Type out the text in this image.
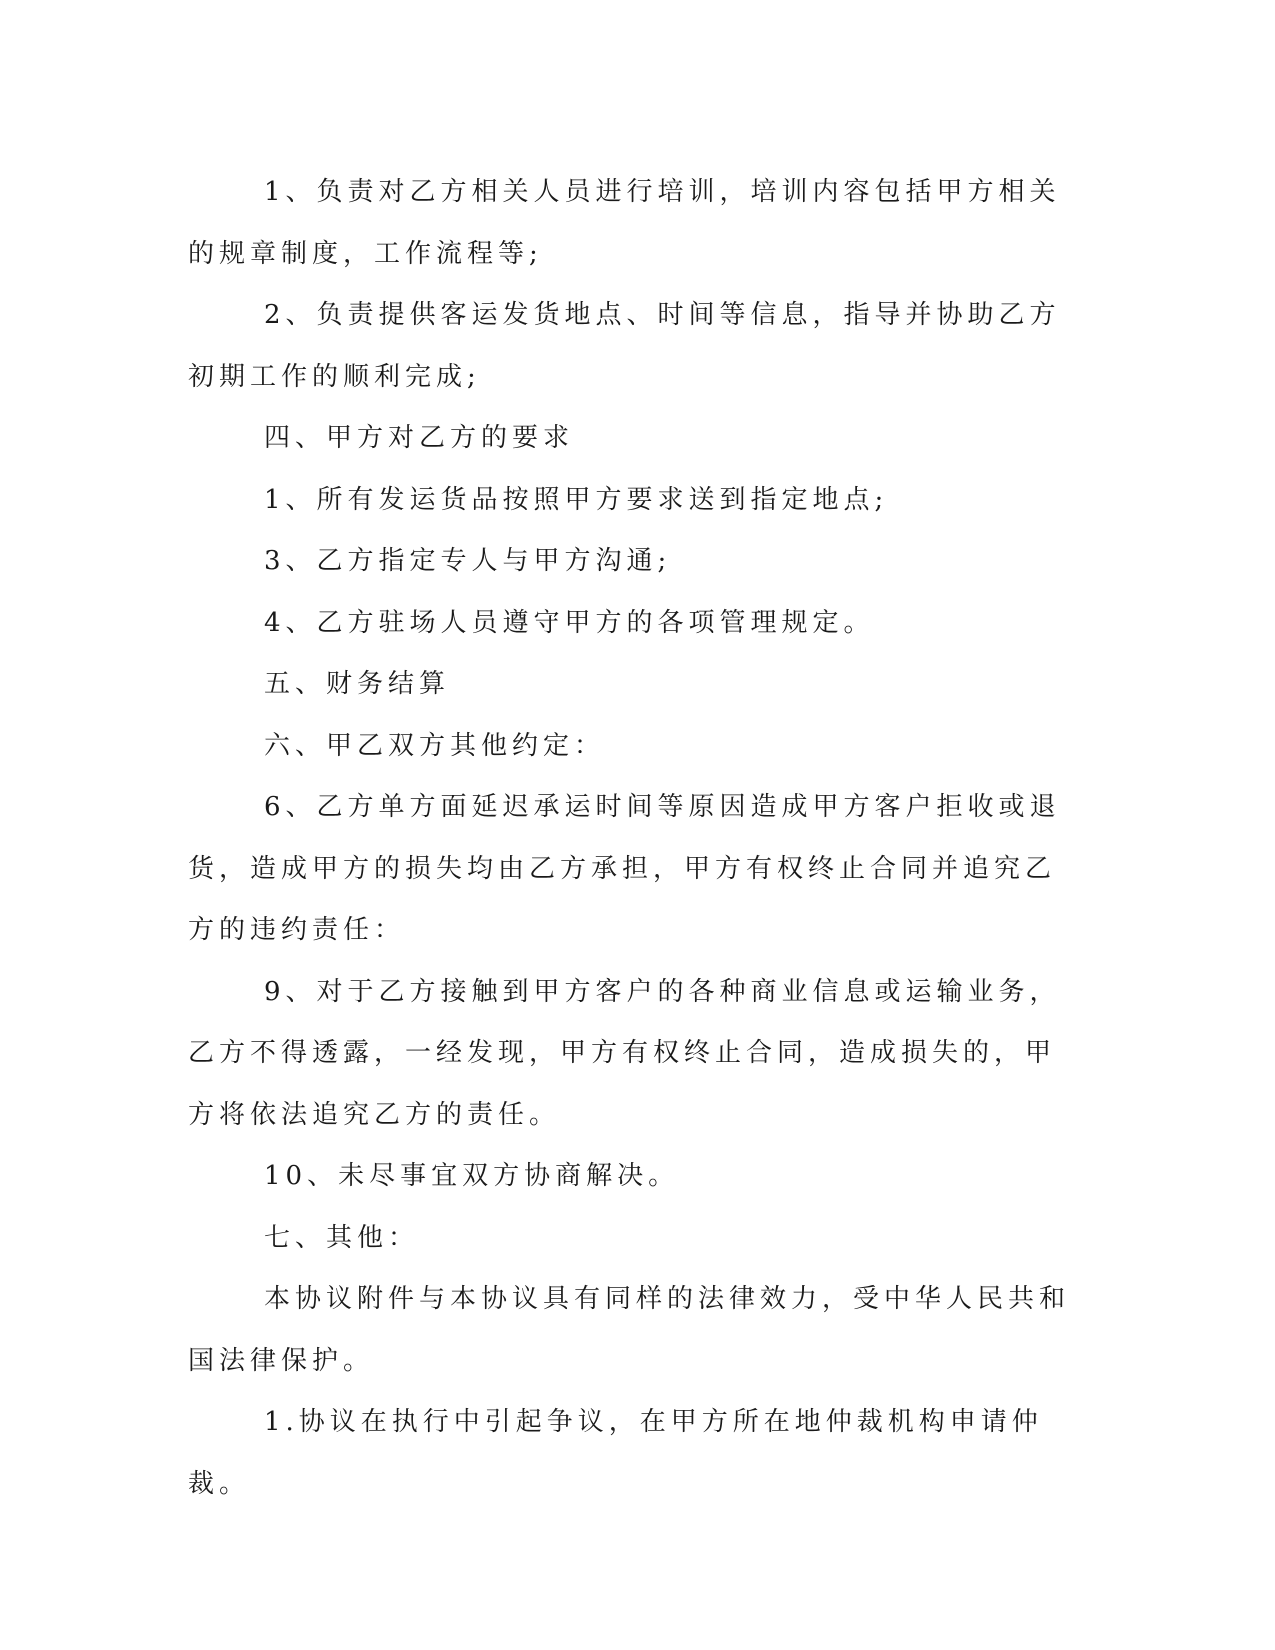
1、负责对乙方相关人员进行培训，培训内容包括甲方相关的规章制度，工作流程等;

2、负责提供客运发货地点、时间等信息，指导并协助乙方初期工作的顺利完成;

四、甲方对乙方的要求

1、所有发运货品按照甲方要求送到指定地点;

3、乙方指定专人与甲方沟通;

4、乙方驻场人员遵守甲方的各项管理规定。

五、财务结算

六、甲乙双方其他约定：

6、乙方单方面延迟承运时间等原因造成甲方客户拒收或退货，造成甲方的损失均由乙方承担，甲方有权终止合同并追究乙方的违约责任：

9、对于乙方接触到甲方客户的各种商业信息或运输业务，乙方不得透露，一经发现，甲方有权终止合同，造成损失的，甲方将依法追究乙方的责任。

10、未尽事宜双方协商解决。

七、其他：

本协议附件与本协议具有同样的法律效力，受中华人民共和国法律保护。

1.协议在执行中引起争议，在甲方所在地仲裁机构申请仲裁。
